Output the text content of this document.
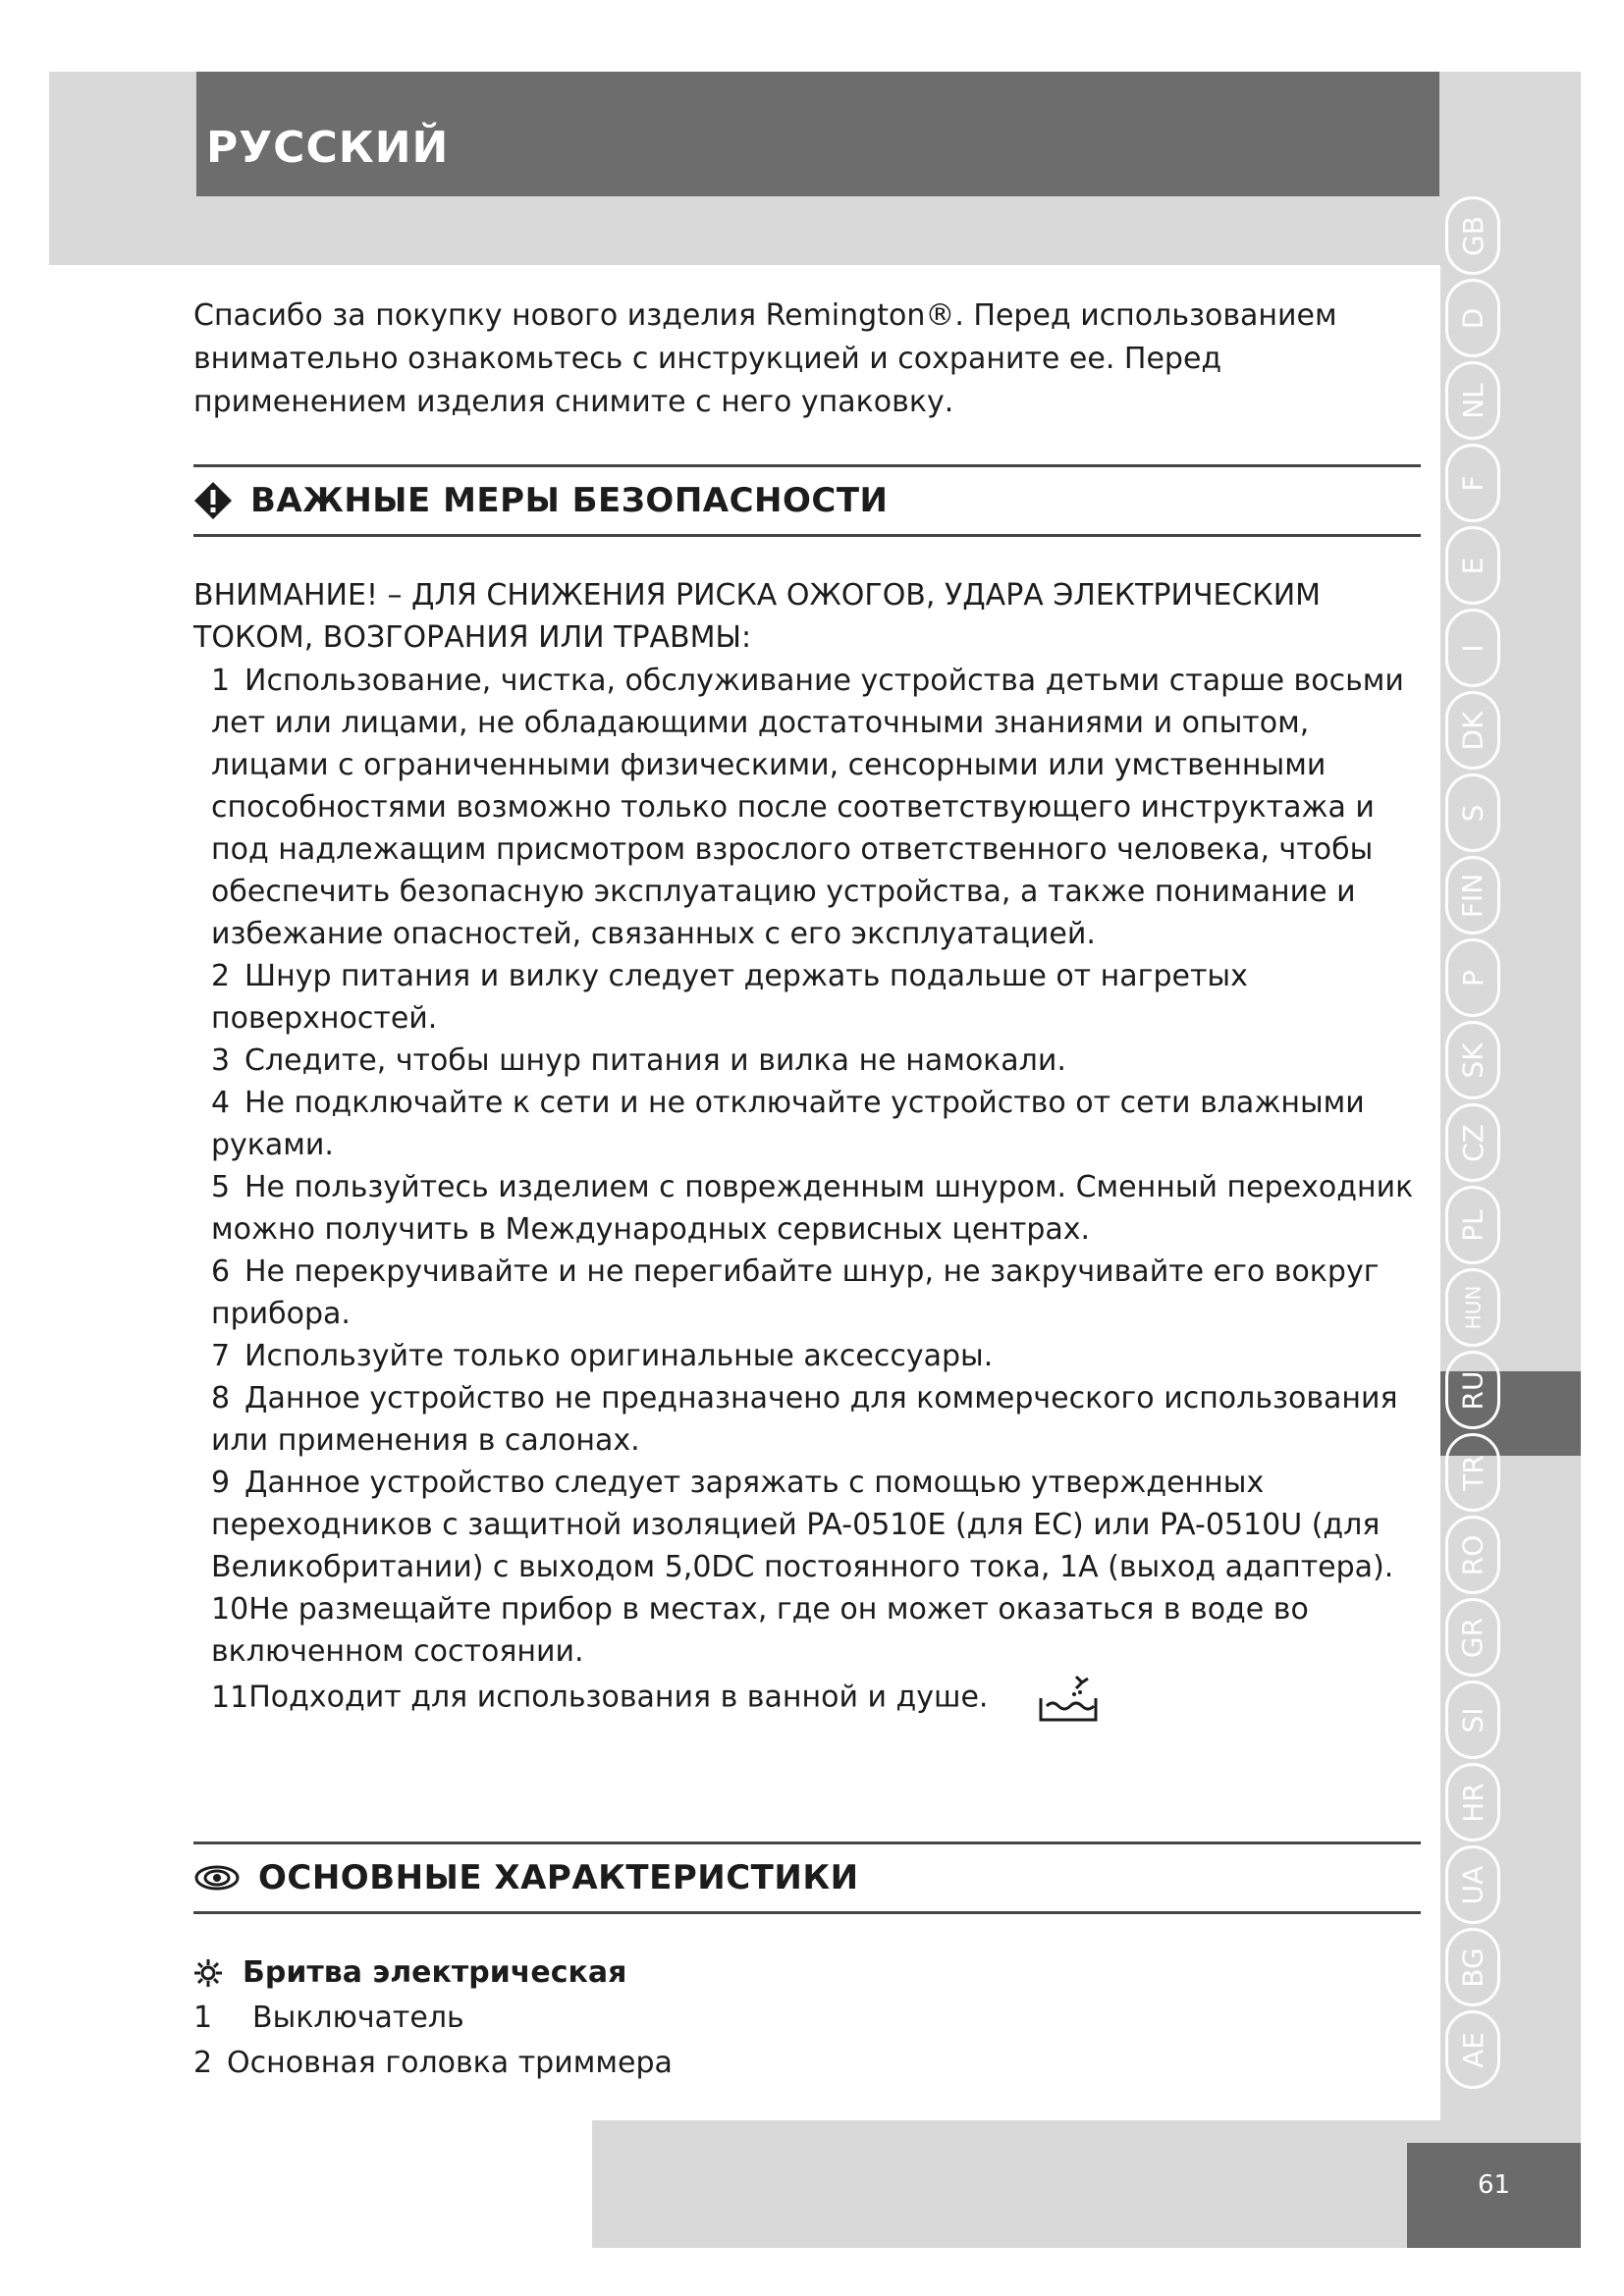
РУССКИЙ
61
GB
D
NL
F
E
I
DK
S
FIN
P
SK
CZ
PL
HUN
RU
TR
RO
GR
SI
HR
UA
BG
AE

Спасибо за покупку нового изделия Remington®. Перед использованием внимательно ознакомьтесь с инструкцией и сохраните ее. Перед применением изделия снимите с него упаковку.

ВАЖНЫЕ МЕРЫ БЕЗОПАСНОСТИ

ВНИМАНИЕ! – ДЛЯ СНИЖЕНИЯ РИСКА ОЖОГОВ, УДАРА ЭЛЕКТРИЧЕСКИМ ТОКОМ, ВОЗГОРАНИЯ ИЛИ ТРАВМЫ:

1 Использование, чистка, обслуживание устройства детьми старше восьми лет или лицами, не обладающими достаточными знаниями и опытом, лицами с ограниченными физическими, сенсорными или умственными способностями возможно только после соответствующего инструктажа и под надлежащим присмотром взрослого ответственного человека, чтобы обеспечить безопасную эксплуатацию устройства, а также понимание и избежание опасностей, связанных с его эксплуатацией.
2 Шнур питания и вилку следует держать подальше от нагретых поверхностей.
3 Следите, чтобы шнур питания и вилка не намокали.
4 Не подключайте к сети и не отключайте устройство от сети влажными руками.
5 Не пользуйтесь изделием с поврежденным шнуром. Сменный переходник можно получить в Международных сервисных центрах.
6 Не перекручивайте и не перегибайте шнур, не закручивайте его вокруг прибора.
7 Используйте только оригинальные аксессуары.
8 Данное устройство не предназначено для коммерческого использования или применения в салонах.
9 Данное устройство следует заряжать с помощью утвержденных переходников с защитной изоляцией PA-0510E (для ЕС) или PA-0510U (для Великобритании) с выходом 5,0DC постоянного тока, 1A (выход адаптера).
10Не размещайте прибор в местах, где он может оказаться в воде во включенном состоянии.
11Подходит для использования в ванной и душе.
ОСНОВНЫЕ ХАРАКТЕРИСТИКИ
Бритва электрическая
1 Выключатель
2 Основная головка триммера
